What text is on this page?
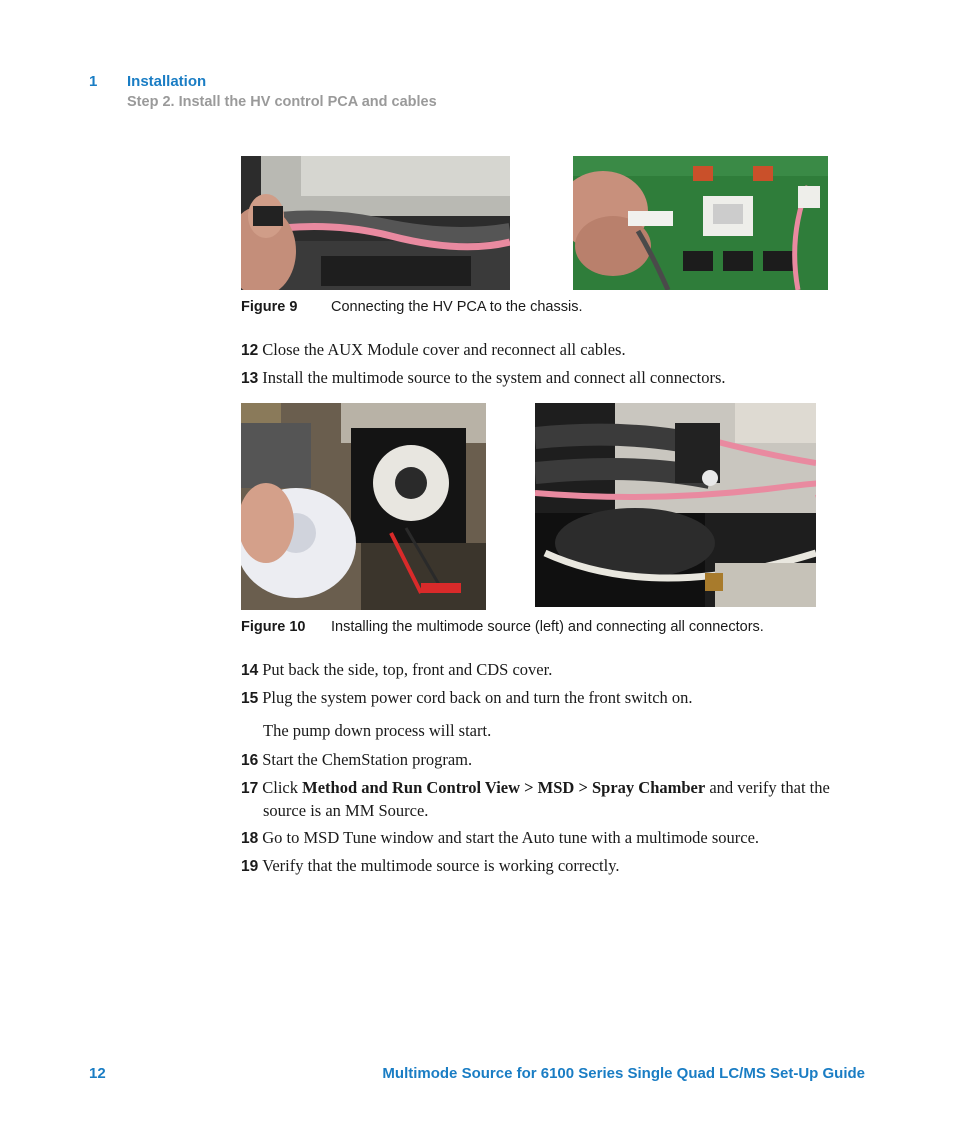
1 Installation
Step 2. Install the HV control PCA and cables
Figure 9 Connecting the HV PCA to the chassis.
12 Close the AUX Module cover and reconnect all cables.
13 Install the multimode source to the system and connect all connectors.
Figure 10 Installing the multimode source (left) and connecting all connectors.
14 Put back the side, top, front and CDS cover.
15 Plug the system power cord back on and turn the front switch on.
The pump down process will start.
16 Start the ChemStation program.
17 Click Method and Run Control View > MSD > Spray Chamber and verify that the source is an MM Source.
18 Go to MSD Tune window and start the Auto tune with a multimode source.
19 Verify that the multimode source is working correctly.
12	Multimode Source for 6100 Series Single Quad LC/MS Set-Up Guide
